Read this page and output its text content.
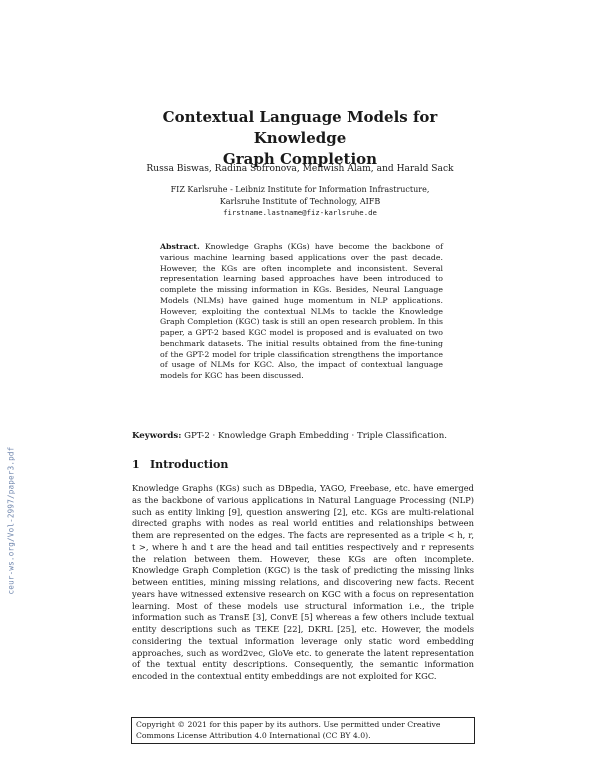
ceur-ws.org/Vol-2997/paper3.pdf
Contextual Language Models for Knowledge
Graph Completion
Russa Biswas, Radina Sofronova, Mehwish Alam, and Harald Sack
FIZ Karlsruhe - Leibniz Institute for Information Infrastructure,
Karlsruhe Institute of Technology, AIFB
firstname.lastname@fiz-karlsruhe.de

Abstract. Knowledge Graphs (KGs) have become the backbone of various machine learning based applications over the past decade. However, the KGs are often incomplete and inconsistent. Several representation learning based approaches have been introduced to complete the missing information in KGs. Besides, Neural Language Models (NLMs) have gained huge momentum in NLP applications. However, exploiting the contextual NLMs to tackle the Knowledge Graph Completion (KGC) task is still an open research problem. In this paper, a GPT-2 based KGC model is proposed and is evaluated on two benchmark datasets. The initial results obtained from the fine-tuning of the GPT-2 model for triple classification strengthens the importance of usage of NLMs for KGC. Also, the impact of contextual language models for KGC has been discussed.

Keywords: GPT-2 · Knowledge Graph Embedding · Triple Classification.
1 Introduction

Knowledge Graphs (KGs) such as DBpedia, YAGO, Freebase, etc. have emerged as the backbone of various applications in Natural Language Processing (NLP) such as entity linking [9], question answering [2], etc. KGs are multi-relational directed graphs with nodes as real world entities and relationships between them are represented on the edges. The facts are represented as a triple < h, r, t >, where h and t are the head and tail entities respectively and r represents the relation between them. However, these KGs are often incomplete. Knowledge Graph Completion (KGC) is the task of predicting the missing links between entities, mining missing relations, and discovering new facts. Recent years have witnessed extensive research on KGC with a focus on representation learning. Most of these models use structural information i.e., the triple information such as TransE [3], ConvE [5] whereas a few others include textual entity descriptions such as TEKE [22], DKRL [25], etc. However, the models considering the textual information leverage only static word embedding approaches, such as word2vec, GloVe etc. to generate the latent representation of the textual entity descriptions. Consequently, the semantic information encoded in the contextual entity embeddings are not exploited for KGC.

Copyright © 2021 for this paper by its authors. Use permitted under Creative Commons License Attribution 4.0 International (CC BY 4.0).
